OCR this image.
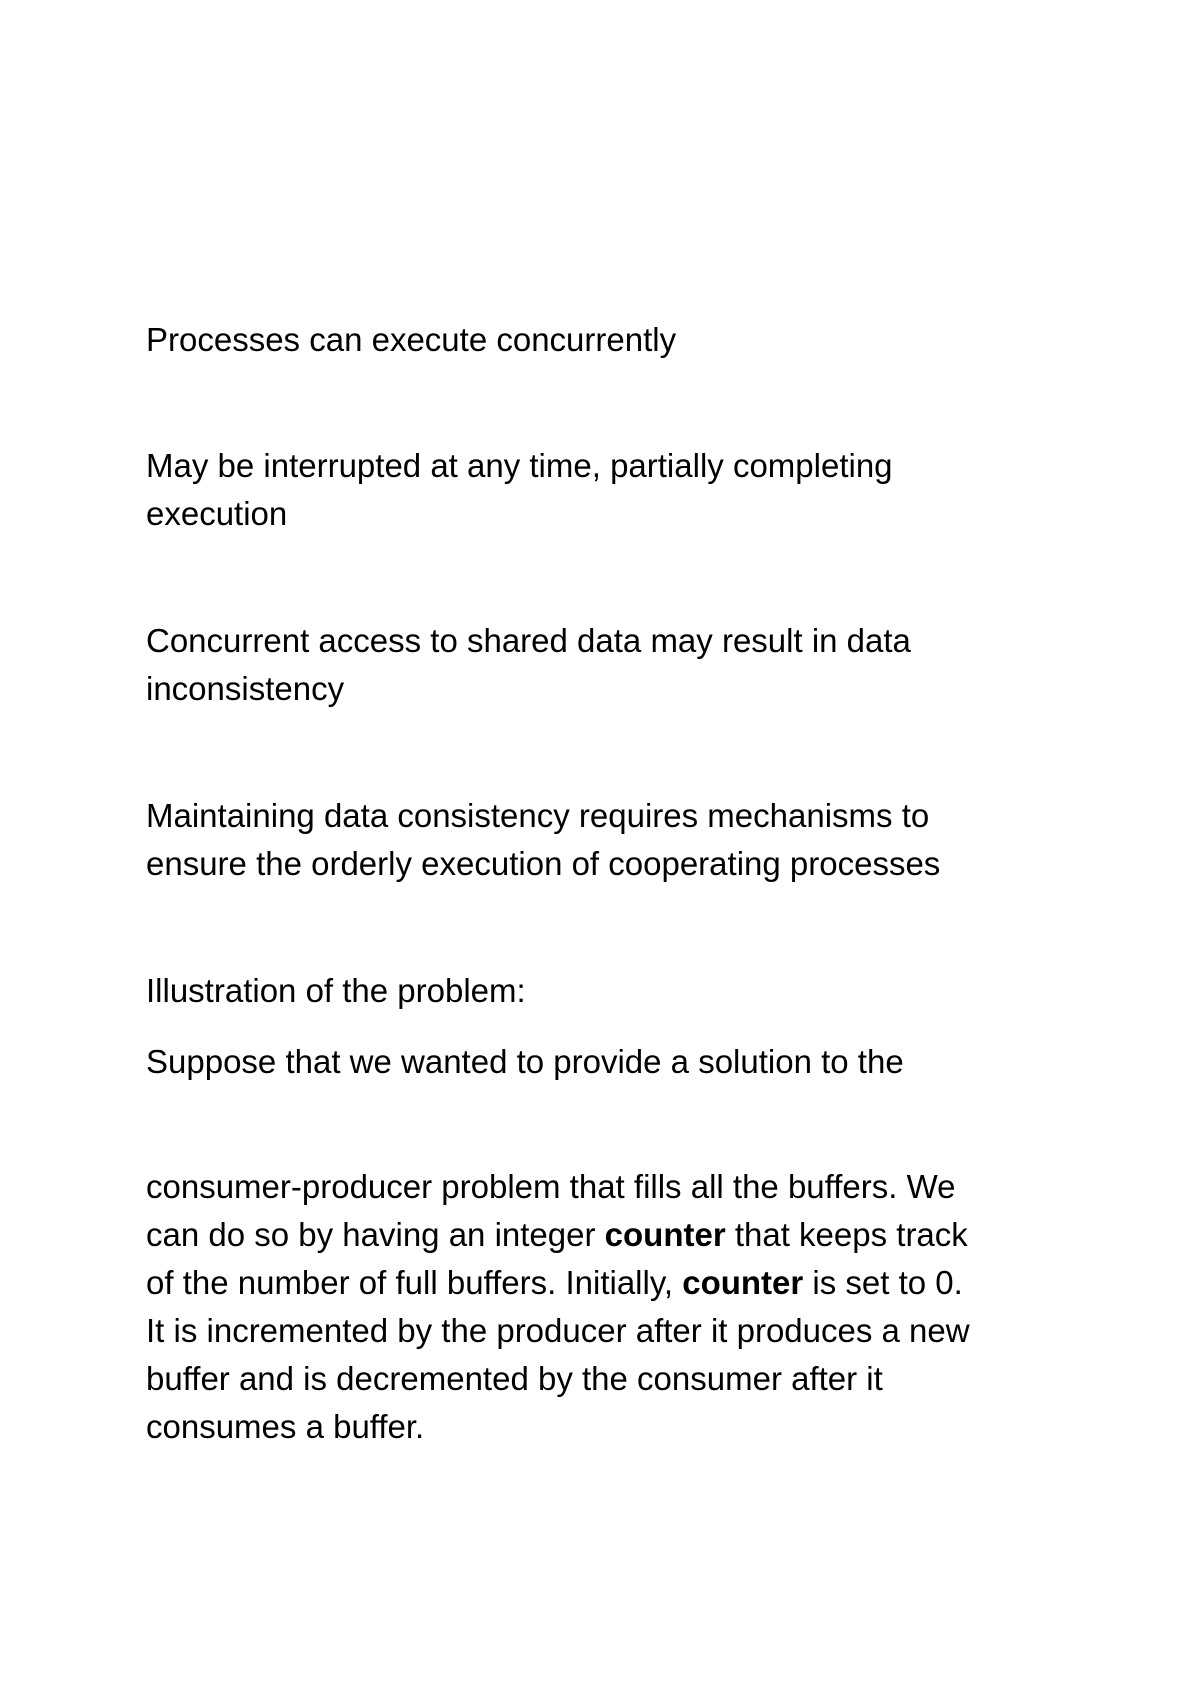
Processes can execute concurrently

May be interrupted at any time, partially completing
execution

Concurrent access to shared data may result in data
inconsistency

Maintaining data consistency requires mechanisms to
ensure the orderly execution of cooperating processes

Illustration of the problem:

Suppose that we wanted to provide a solution to the

consumer-producer problem that fills all the buffers. We
can do so by having an integer counter that keeps track
of the number of full buffers. Initially, counter is set to 0.
It is incremented by the producer after it produces a new
buffer and is decremented by the consumer after it
consumes a buffer.
